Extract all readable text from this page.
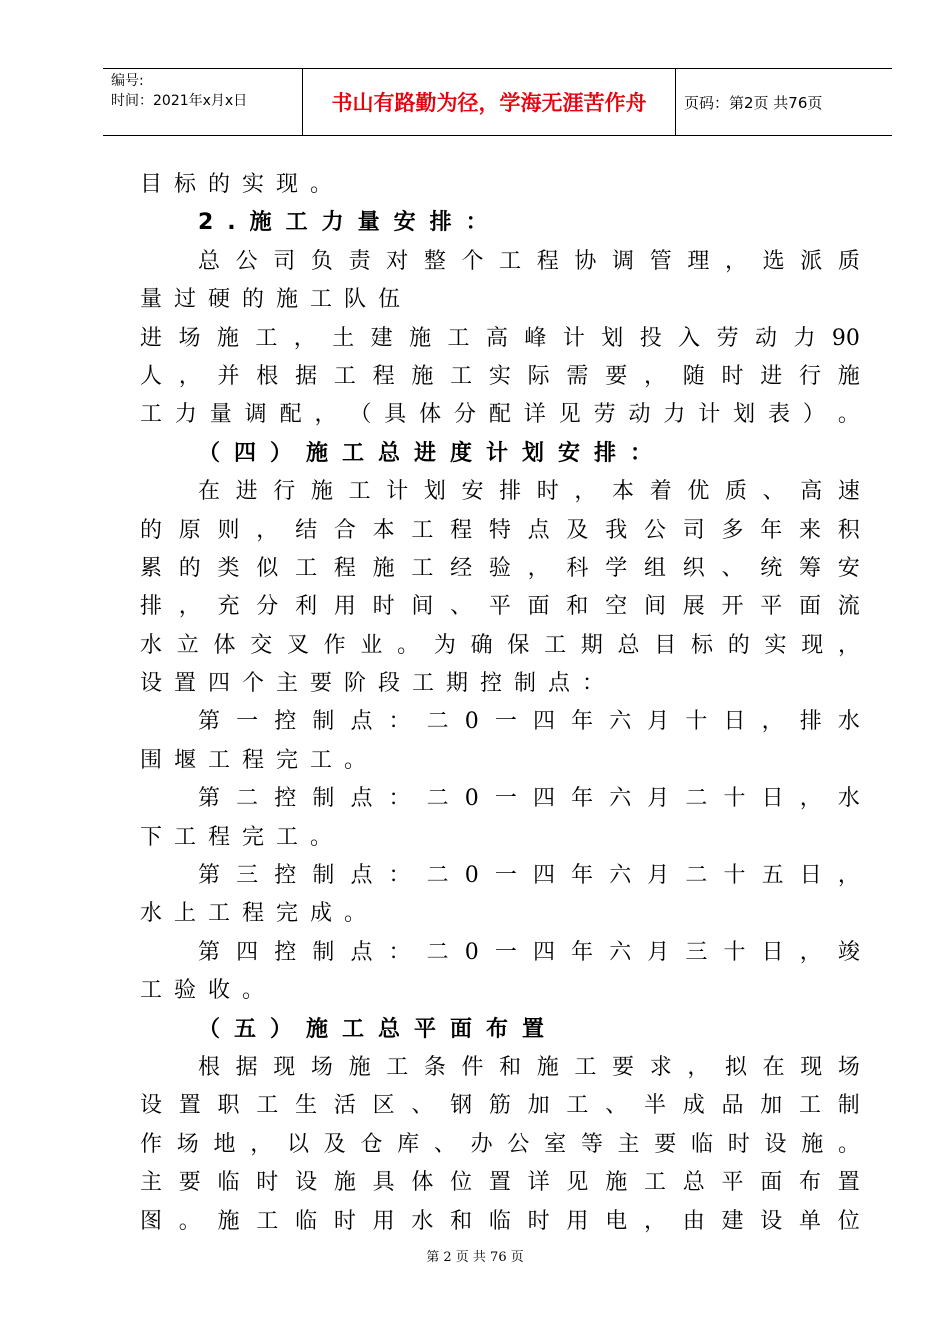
编号:
时间：2021年x月x日	书山有路勤为径，学海无涯苦作舟	页码：第2页 共76页
目标的实现。
2.施工力量安排：
总 公 司 负 责 对 整 个 工 程 协 调 管 理 ， 选 派 质
量过硬的施工队伍
进 场 施 工 ， 土 建 施 工 高 峰 计 划 投 入 劳 动 力 90
人 ， 并 根 据 工 程 施 工 实 际 需 要 ， 随 时 进 行 施
工 力 量 调 配 ， （ 具 体 分 配 详 见 劳 动 力 计 划 表 ） 。
（四）施工总进度计划安排：
在 进 行 施 工 计 划 安 排 时 ， 本 着 优 质 、 高 速
的 原 则 ， 结 合 本 工 程 特 点 及 我 公 司 多 年 来 积
累 的 类 似 工 程 施 工 经 验 ， 科 学 组 织 、 统 筹 安
排 ， 充 分 利 用 时 间 、 平 面 和 空 间 展 开 平 面 流
水 立 体 交 叉 作 业 。 为 确 保 工 期 总 目 标 的 实 现 ，
设置四个主要阶段工期控制点：
第 一 控 制 点 ： 二 0 一 四 年 六 月 十 日 ， 排 水
围堰工程完工。
第 二 控 制 点 ： 二 0 一 四 年 六 月 二 十 日 ， 水
下工程完工。
第 三 控 制 点 ： 二 0 一 四 年 六 月 二 十 五 日 ，
水上工程完成。
第 四 控 制 点 ： 二 0 一 四 年 六 月 三 十 日 ， 竣
工验收。
（五）施工总平面布置
根 据 现 场 施 工 条 件 和 施 工 要 求 ， 拟 在 现 场
设 置 职 工 生 活 区 、 钢 筋 加 工 、 半 成 品 加 工 制
作 场 地 ， 以 及 仓 库 、 办 公 室 等 主 要 临 时 设 施 。
主 要 临 时 设 施 具 体 位 置 详 见 施 工 总 平 面 布 置
图 。 施 工 临 时 用 水 和 临 时 用 电 ， 由 建 设 单 位
第 2 页 共 76 页
